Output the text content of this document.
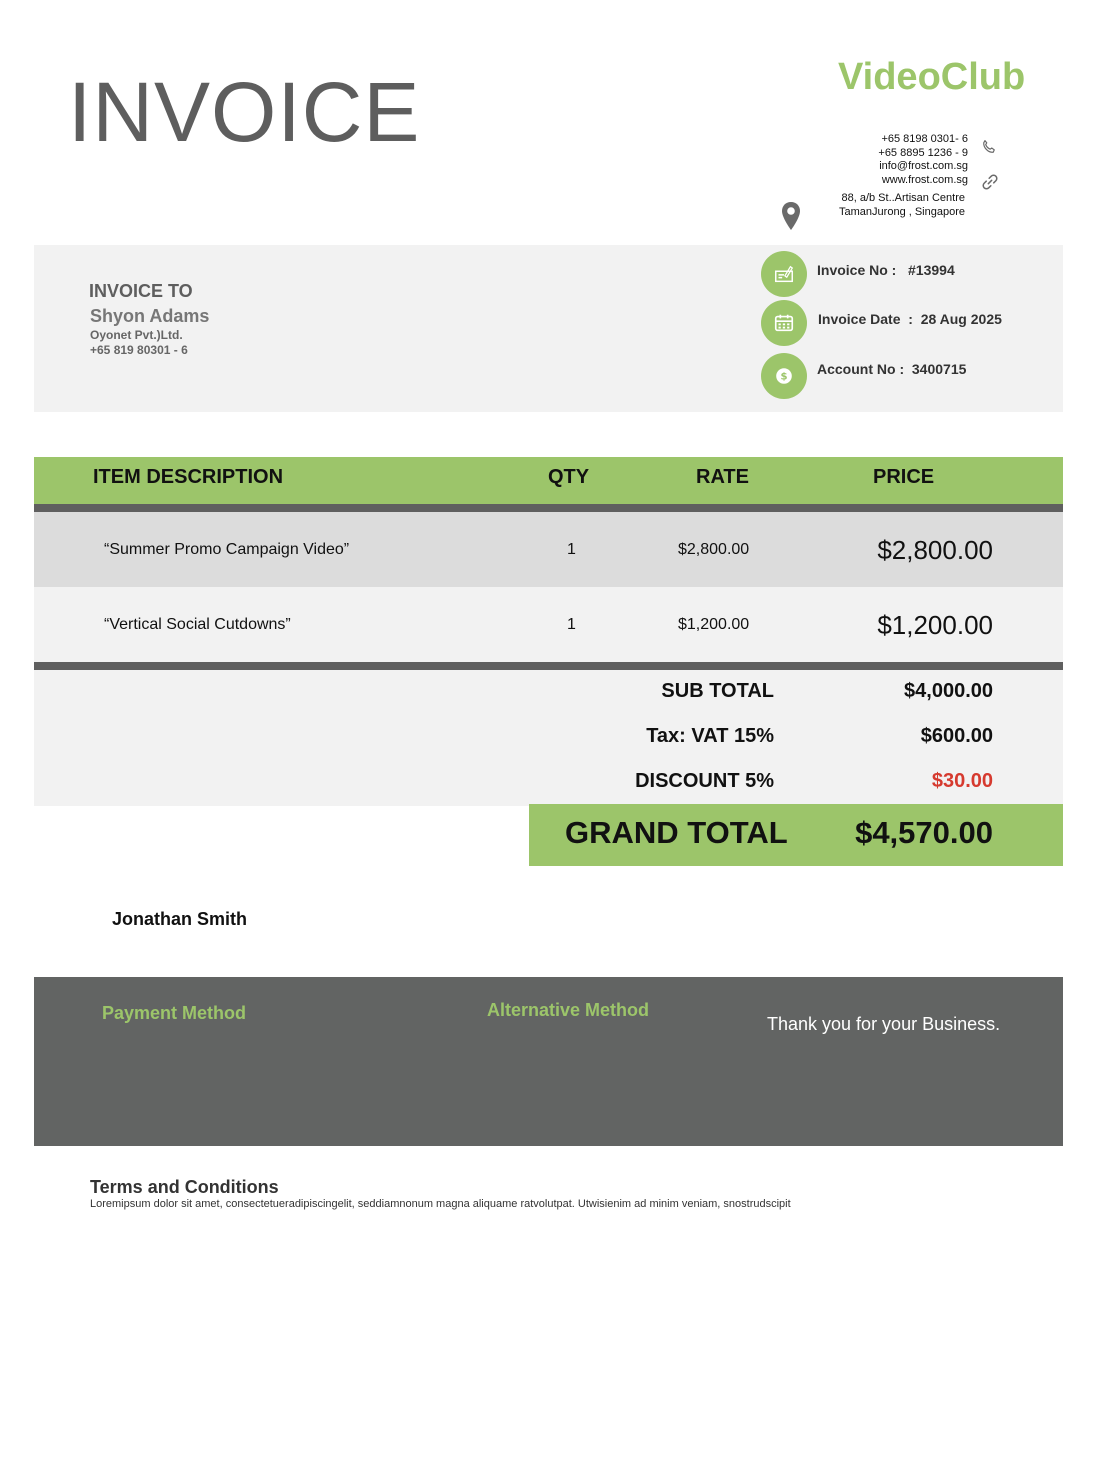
INVOICE	VideoClub
+65 8198 0301- 6
+65 8895 1236 - 9
info@frost.com.sg
www.frost.com.sg
88, a/b St..Artisan Centre
TamanJurong , Singapore
INVOICE TO
Shyon Adams
Oyonet Pvt.)Ltd.
+65 819 80301 - 6
$
Invoice No :   #13994
Invoice Date  :  28 Aug 2025
Account No :  3400715
ITEM DESCRIPTION	QTY	RATE	PRICE
“Summer Promo Campaign Video”	1	$2,800.00	$2,800.00
“Vertical Social Cutdowns”	1	$1,200.00	$1,200.00
SUB TOTAL	$4,000.00
Tax: VAT 15%	$600.00
DISCOUNT 5%	$30.00
GRAND TOTAL	$4,570.00
Jonathan Smith
Payment Method	Alternative Method
Thank you for your Business.
Terms and Conditions
Loremipsum dolor sit amet, consectetueradipiscingelit, seddiamnonum magna aliquame ratvolutpat. Utwisienim ad minim veniam, snostrudscipit
